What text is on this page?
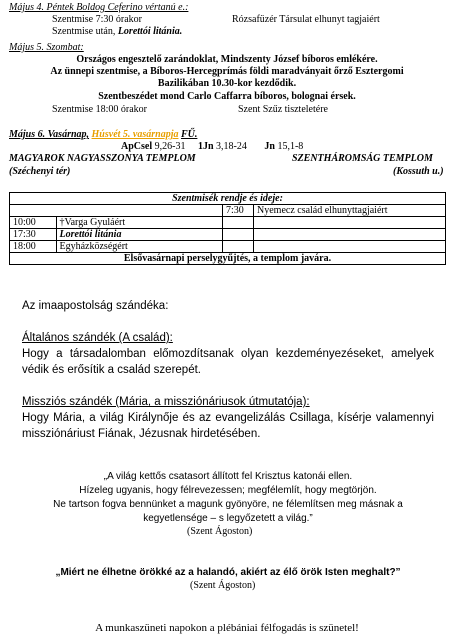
Május 4. Péntek Boldog Ceferino vértanú e.:
Szentmise 7:30 órakor	Rózsafüzér Társulat elhunyt tagjaiért
Szentmise után, Lorettói litánia.
Május 5. Szombat:
Országos engesztelő zarándoklat, Mindszenty József bíboros emlékére.
Az ünnepi szentmise, a Bíboros-Hercegprímás földi maradványait őrző Esztergomi
Bazilikában 10.30-kor kezdődik.
Szentbeszédet mond Carlo Caffarra bíboros, bolognai érsek.
Szentmise 18:00 órakor	Szent Szűz tiszteletére
Május 6. Vasárnap, Húsvét 5. vasárnapja FŰ.
ApCsel 9,26-31 1Jn 3,18-24 Jn 15,1-8
MAGYAROK NAGYASSZONYA TEMPLOM	SZENTHÁROMSÁG TEMPLOM
(Széchenyi tér)	(Kossuth u.)
Szentmisék rendje és ideje:			
		7:30	Nyemecz család elhunyttagjaiért
10:00	†Varga Gyuláért		
17:30	Lorettói litánia		
18:00	Egyházközségért		
Elsővasárnapi perselygyűjtés, a templom javára.			
Az imaapostolság szándéka:
Általános szándék (A család):
Hogy a társadalomban előmozdítsanak olyan kezdeményezéseket, amelyek védik és erősítik a család szerepét.
Missziós szándék (Mária, a missziónáriusok útmutatója):
Hogy Mária, a világ Királynője és az evangelizálás Csillaga, kísérje valamennyi missziónáriust Fiának, Jézusnak hirdetésében.
„A világ kettős csatasort állított fel Krisztus katonái ellen.
Hízeleg ugyanis, hogy félrevezessen; megfélemlít, hogy megtörjön.
Ne tartson fogva bennünket a magunk gyönyöre, ne félemlítsen meg másnak a
kegyetlensége – s legyőzetett a világ.”
(Szent Ágoston)
„Miért ne élhetne örökké az a halandó, akiért az élő örök Isten meghalt?”
(Szent Ágoston)
A munkaszüneti napokon a plébániai félfogadás is szünetel!
